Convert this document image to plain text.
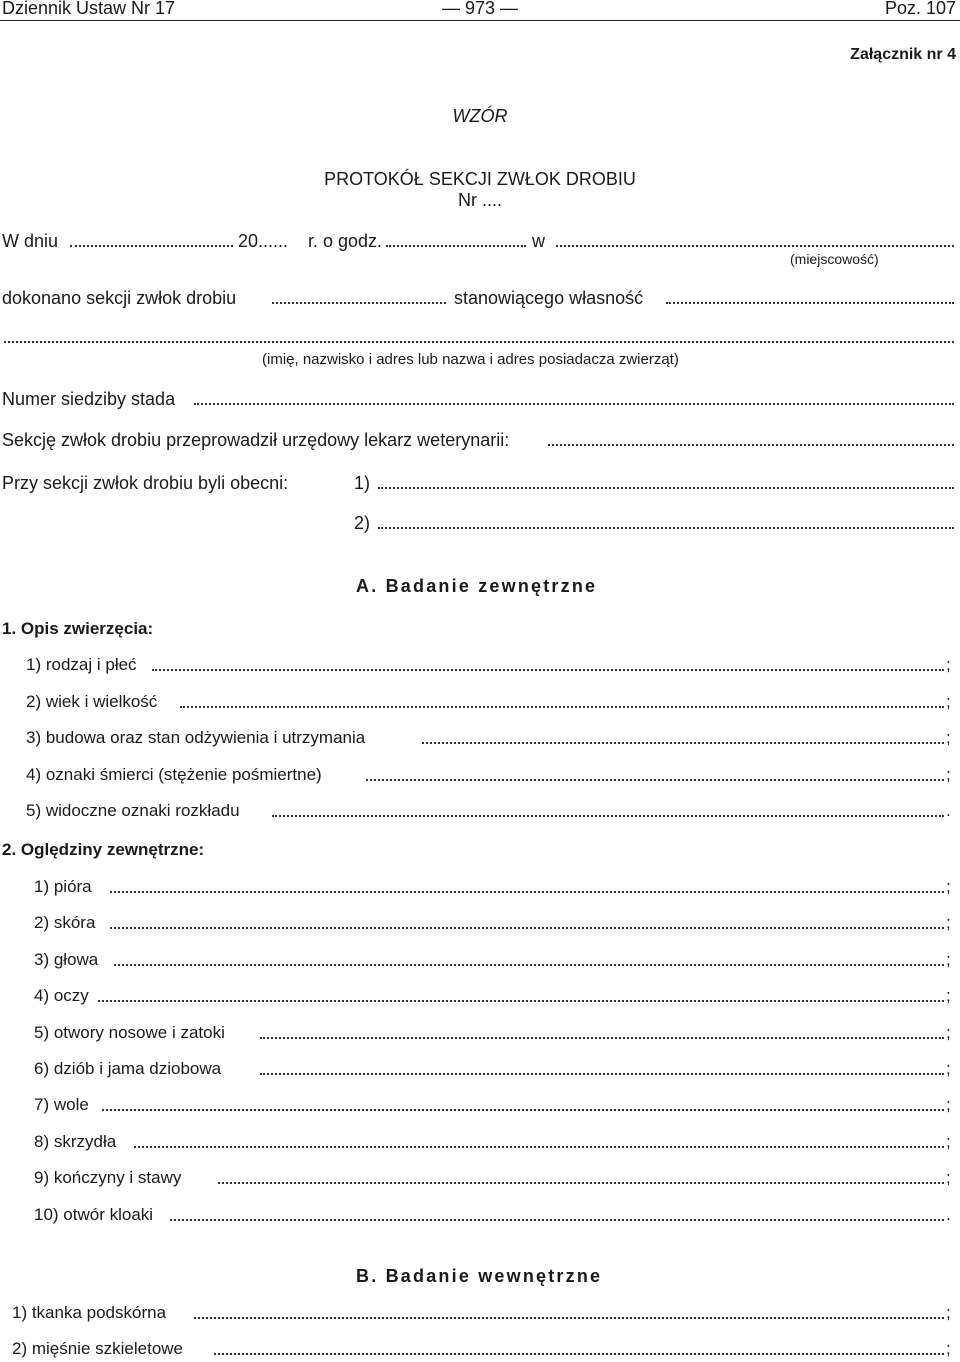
Dziennik Ustaw Nr 17	— 973 —	Poz. 107
Załącznik nr 4
WZÓR
PROTOKÓŁ SEKCJI ZWŁOK DROBIU
Nr ....
W dniu	20...... r. o godz.	w
(miejscowość)
dokonano sekcji zwłok drobiu	stanowiącego własność
(imię, nazwisko i adres lub nazwa i adres posiadacza zwierząt)
Numer siedziby stada
Sekcję zwłok drobiu przeprowadził urzędowy lekarz weterynarii:
Przy sekcji zwłok drobiu byli obecni:	1)
2)
A. Badanie zewnętrzne
1. Opis zwierzęcia:
1) rodzaj i płeć	;
2) wiek i wielkość	;
3) budowa oraz stan odżywienia i utrzymania	;
4) oznaki śmierci (stężenie pośmiertne)	;
5) widoczne oznaki rozkładu	.
2. Oględziny zewnętrzne:
1) pióra	;
2) skóra	;
3) głowa	;
4) oczy	;
5) otwory nosowe i zatoki	;
6) dziób i jama dziobowa	;
7) wole	;
8) skrzydła	;
9) kończyny i stawy	;
10) otwór kloaki	.
B. Badanie wewnętrzne
1) tkanka podskórna	;
2) mięśnie szkieletowe	;
